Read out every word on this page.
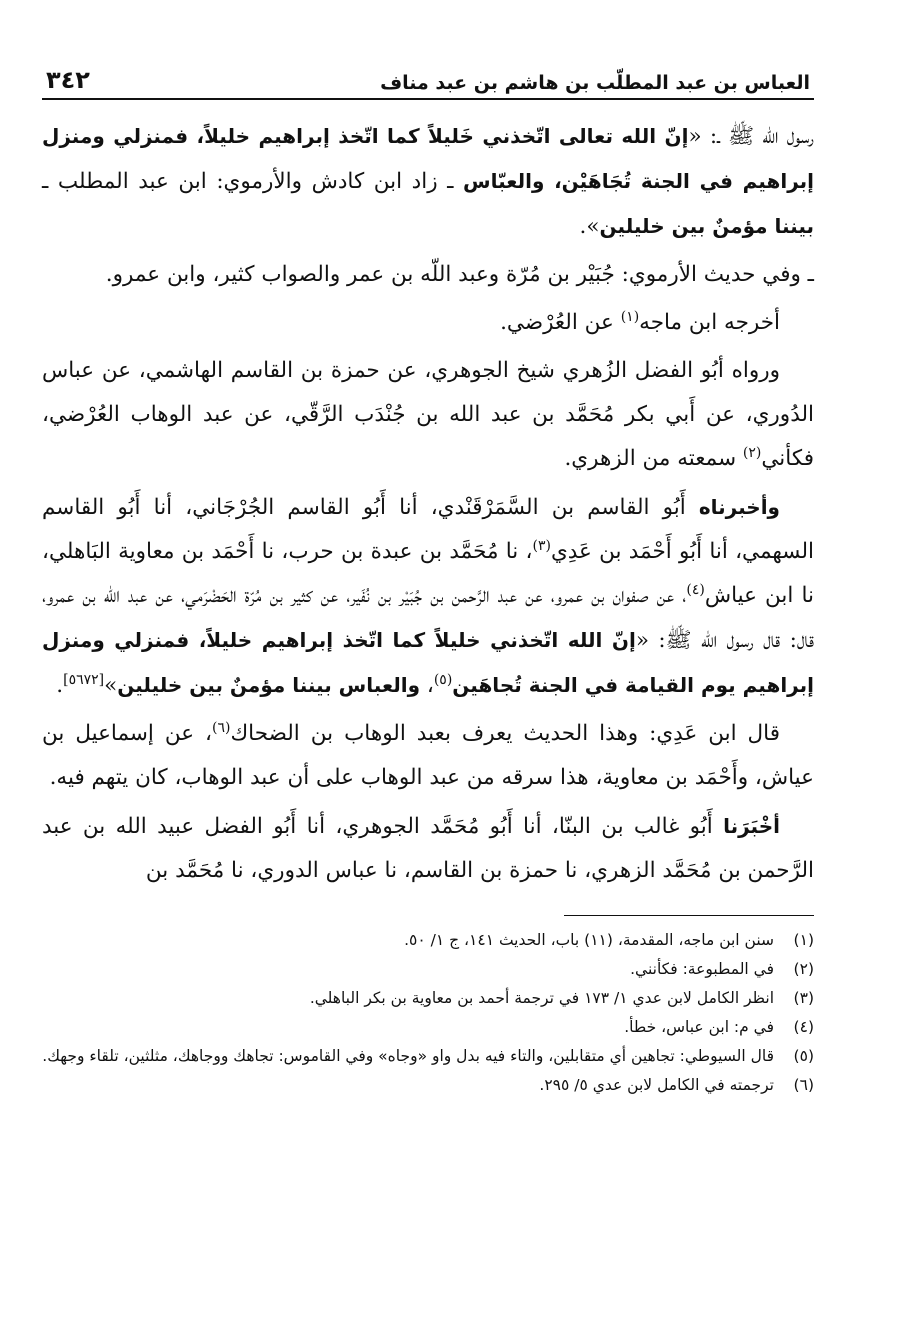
العباس بن عبد المطلّب بن هاشم بن عبد مناف
٣٤٢

رسول الله ﷺ ـ: «إنّ الله تعالى اتّخذني خَليلاً كما اتّخذ إبراهيم خليلاً، فمنزلي ومنزل إبراهيم في الجنة تُجَاهَيْن، والعبّاس ـ زاد ابن كادش والأرموي: ابن عبد المطلب ـ بيننا مؤمنٌ بين خليلين».

ـ وفي حديث الأرموي: جُبَيْر بن مُرّة وعبد اللّه بن عمر والصواب كثير، وابن عمرو.

أخرجه ابن ماجه$^{(١)}$ عن العُرْضي.

ورواه أبُو الفضل الزُهري شيخ الجوهري، عن حمزة بن القاسم الهاشمي، عن عباس الدُوري، عن أَبي بكر مُحَمَّد بن عبد الله بن جُنْدَب الرَّقّي، عن عبد الوهاب العُرْضي، فكأني$^{(٢)}$ سمعته من الزهري.

وأخبرناه أَبُو القاسم بن السَّمَرْقَنْدي، أنا أَبُو القاسم الجُرْجَاني، أنا أَبُو القاسم السهمي، أنا أَبُو أَحْمَد بن عَدِي$^{(٣)}$، نا مُحَمَّد بن عبدة بن حرب، نا أَحْمَد بن معاوية البَاهلي، نا ابن عياش$^{(٤)}$، عن صفوان بن عمرو، عن عبد الرَّحمن بن جُبَيْر بن نُفَير، عن كثير بن مُرّة الحَضْرَمي، عن عبد الله بن عمرو، قال: قال رسول الله ﷺ: «إنّ الله اتّخذني خليلاً كما اتّخذ إبراهيم خليلاً، فمنزلي ومنزل إبراهيم يوم القيامة في الجنة تُجاهَين$^{(٥)}$، والعباس بيننا مؤمنٌ بين خليلين»[٥٦٧٢].

قال ابن عَدِي: وهذا الحديث يعرف بعبد الوهاب بن الضحاك$^{(٦)}$، عن إسماعيل بن عياش، وأَحْمَد بن معاوية، هذا سرقه من عبد الوهاب على أن عبد الوهاب، كان يتهم فيه.

أخْبَرَنا أَبُو غالب بن البنّا، أنا أَبُو مُحَمَّد الجوهري، أنا أَبُو الفضل عبيد الله بن عبد الرَّحمن بن مُحَمَّد الزهري، نا حمزة بن القاسم، نا عباس الدوري، نا مُحَمَّد بن

(١)
سنن ابن ماجه، المقدمة، (١١) باب، الحديث ١٤١، ج ١/ ٥٠.
(٢)
في المطبوعة: فكأنني.
(٣)
انظر الكامل لابن عدي ١/ ١٧٣ في ترجمة أحمد بن معاوية بن بكر الباهلي.
(٤)
في م: ابن عباس، خطأ.
(٥)
قال السيوطي: تجاهين أي متقابلين، والتاء فيه بدل واو «وجاه» وفي القاموس: تجاهك ووجاهك، مثلثين، تلقاء وجهك.
(٦)
ترجمته في الكامل لابن عدي ٥/ ٢٩٥.
